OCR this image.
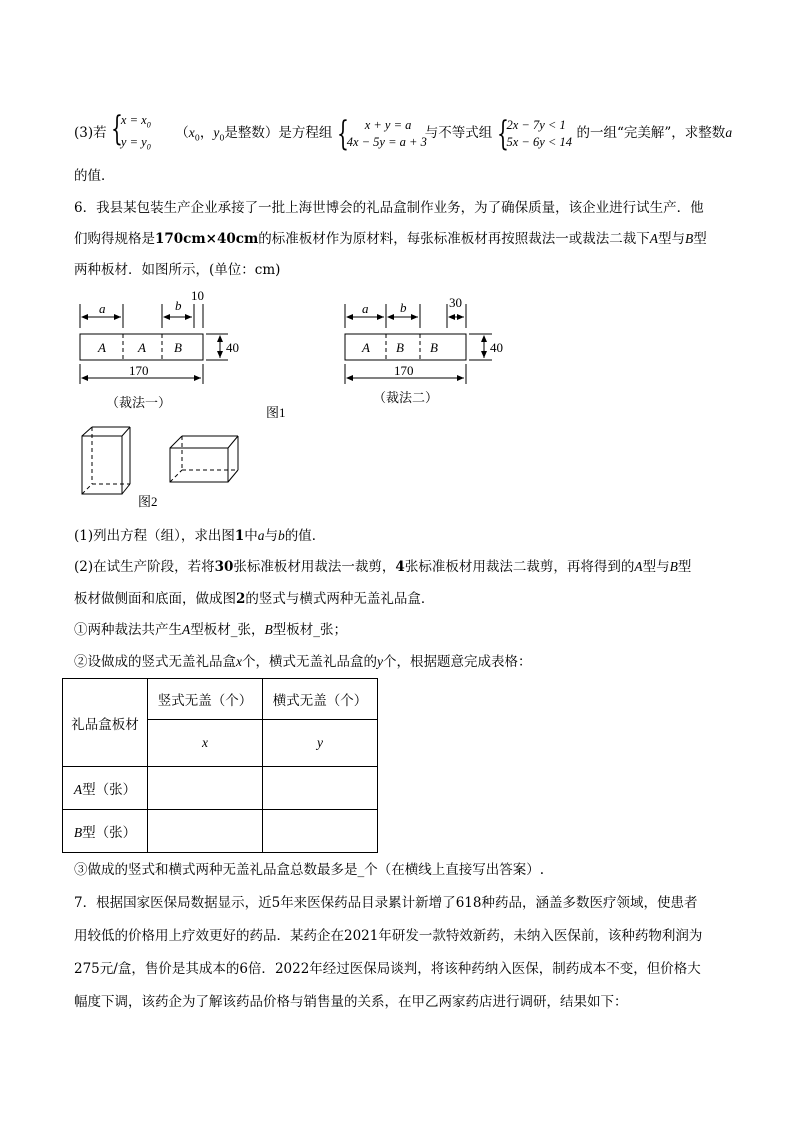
(3)若 {
$x = x_0$
$y = y_0$ （$x_0$，$y_0$是整数）是方程组 { x + y = a
4x − 5y = a + 3与不等式组 {
2x − 7y < 1
5x − 6y < 14的一组“完美解”，求整数a
的值．
6．我县某包装生产企业承接了一批上海世博会的礼品盒制作业务，为了确保质量，该企业进行试生产．他
们购得规格是170cm×40cm的标准板材作为原材料，每张标准板材再按照裁法一或裁法二裁下A型与B型
两种板材．如图所示，(单位：cm)
a	b
10
A A B	40
170
（裁法一）
a b	30
A B B	40
170
（裁法二）
图1
图2
(1)列出方程（组），求出图1中a与b的值．
(2)在试生产阶段，若将30张标准板材用裁法一裁剪，4张标准板材用裁法二裁剪，再将得到的A型与B型
板材做侧面和底面，做成图2的竖式与横式两种无盖礼品盒．
①两种裁法共产生A型板材_张，B型板材_张；
②设做成的竖式无盖礼品盒x个，横式无盖礼品盒的y个，根据题意完成表格：
礼品盒板材	竖式无盖（个）	横式无盖（个）
	x	y
A型（张）		
B型（张）		
③做成的竖式和横式两种无盖礼品盒总数最多是_个（在横线上直接写出答案）.
7．根据国家医保局数据显示，近5年来医保药品目录累计新增了618种药品，涵盖多数医疗领域，使患者
用较低的价格用上疗效更好的药品．某药企在2021年研发一款特效新药，未纳入医保前，该种药物利润为
275元/盒，售价是其成本的6倍．2022年经过医保局谈判，将该种药纳入医保，制药成本不变，但价格大
幅度下调，该药企为了解该药品价格与销售量的关系，在甲乙两家药店进行调研，结果如下：
